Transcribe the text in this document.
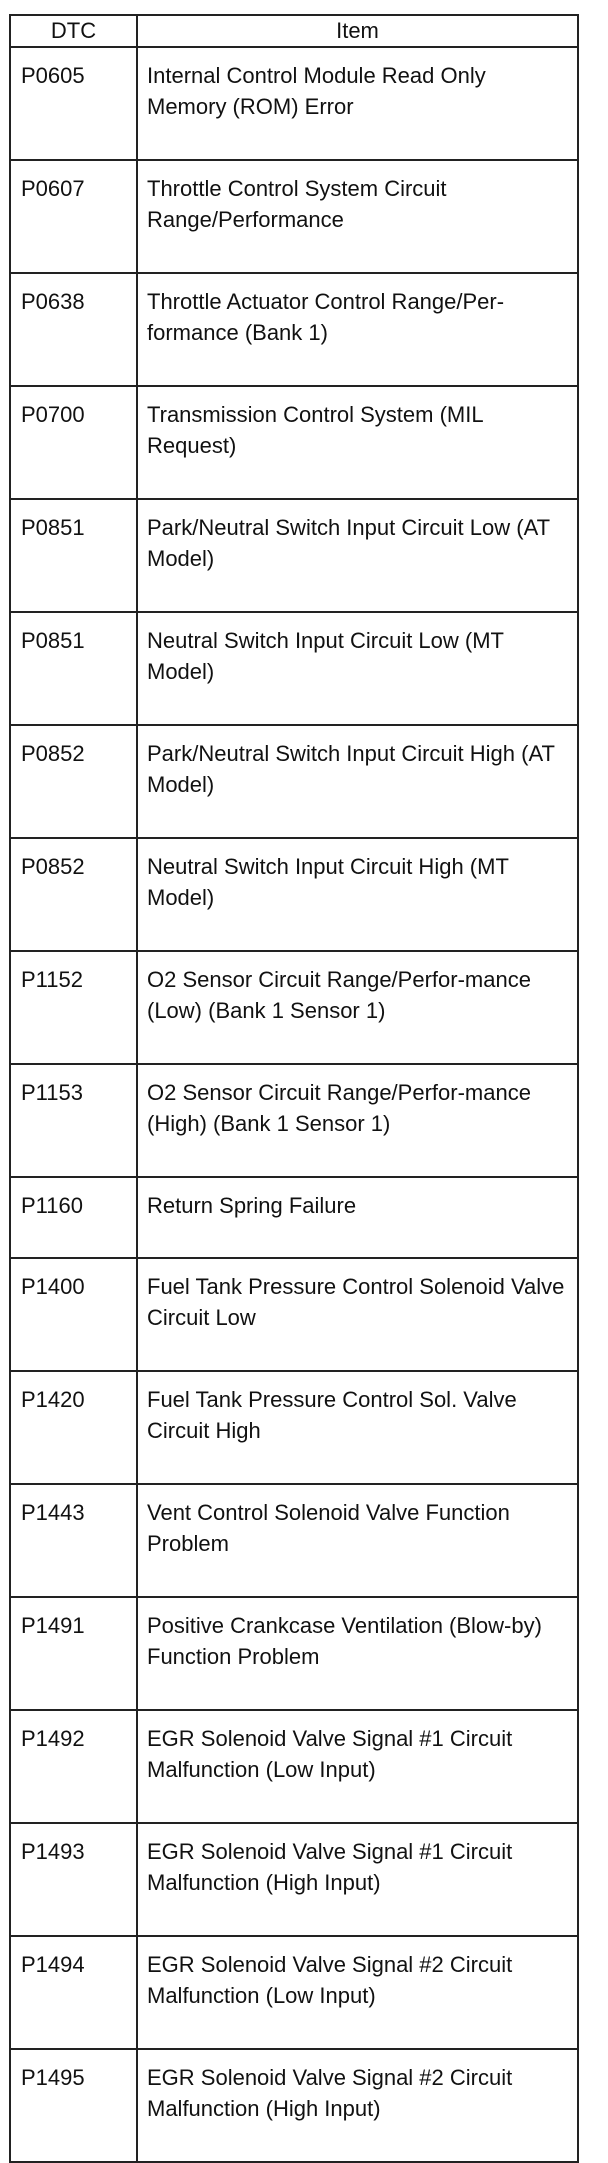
DTC	Item
P0605	Internal Control Module Read Only Memory (ROM) Error
P0607	Throttle Control System Circuit Range/Performance
P0638	Throttle Actuator Control Range/Per-formance (Bank 1)
P0700	Transmission Control System (MIL Request)
P0851	Park/Neutral Switch Input Circuit Low (AT Model)
P0851	Neutral Switch Input Circuit Low (MT Model)
P0852	Park/Neutral Switch Input Circuit High (AT Model)
P0852	Neutral Switch Input Circuit High (MT Model)
P1152	O2 Sensor Circuit Range/Perfor-mance (Low) (Bank 1 Sensor 1)
P1153	O2 Sensor Circuit Range/Perfor-mance (High) (Bank 1 Sensor 1)
P1160	Return Spring Failure
P1400	Fuel Tank Pressure Control Solenoid Valve Circuit Low
P1420	Fuel Tank Pressure Control Sol. Valve Circuit High
P1443	Vent Control Solenoid Valve Function Problem
P1491	Positive Crankcase Ventilation (Blow-by) Function Problem
P1492	EGR Solenoid Valve Signal #1 Circuit Malfunction (Low Input)
P1493	EGR Solenoid Valve Signal #1 Circuit Malfunction (High Input)
P1494	EGR Solenoid Valve Signal #2 Circuit Malfunction (Low Input)
P1495	EGR Solenoid Valve Signal #2 Circuit Malfunction (High Input)
